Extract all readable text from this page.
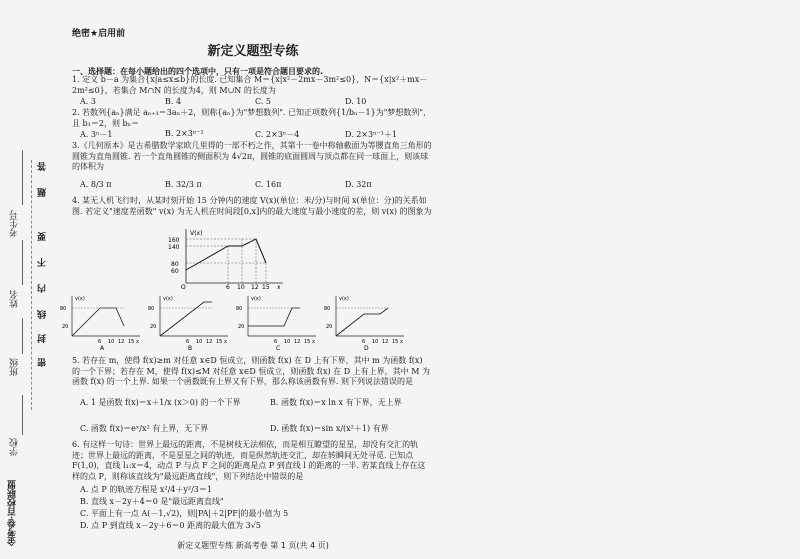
考生号
姓名
班级
学校
金考卷·百校联盟
答
题
要
不
内
线
封
密
绝密★启用前
新定义题型专练
一、选择题：在每小题给出的四个选项中，只有一项是符合题目要求的.
1. 定义 b－a 为集合{x|a≤x≤b}的长度. 已知集合 M＝{x|x²－2mx－3m²≤0}，N＝{x|x²＋mx－2m²≤0}，若集合 M∩N 的长度为4，则 M∪N 的长度为
A. 3	B. 4	C. 5	D. 10
2. 若数列{aₙ}满足 aₙ₊₁＝3aₙ＋2，则称{aₙ}为"梦想数列". 已知正项数列{1/bₙ－1}为"梦想数列"，且 b₁＝2，则 bₙ＝
A. 3ⁿ－1	B. 2×3ⁿ⁻¹	C. 2×3ⁿ－4	D. 2×3ⁿ⁻¹＋1
3.《几何原本》是古希腊数学家欧几里得的一部不朽之作，其第十一卷中称轴截面为等腰直角三角形的圆锥为直角圆锥. 若一个直角圆锥的侧面积为 4√2π，圆锥的底面圆周与顶点都在同一球面上，则该球的体积为
A. 8/3 π	B. 32/3 π	C. 16π	D. 32π
4. 某无人机飞行时，从某时刻开始 15 分钟内的速度 V(x)(单位：米/分)与时间 x(单位：分)的关系如图. 若定义"速度差函数" v(x) 为无人机在时间段[0,x]内的最大速度与最小速度的差，则 v(x) 的图象为
V(x)
160
140
80
60
O	6 10 12 15 x
v(x)
80
20
6 10 12 15 x
A
v(x)
80
20
6 10 12 15 x
B
v(x)
80
20
6 10 12 15 x
C
v(x)
80
20
6 10 12 15 x
D
5. 若存在 m，使得 f(x)≥m 对任意 x∈D 恒成立，则函数 f(x) 在 D 上有下界，其中 m 为函数 f(x) 的一个下界；若存在 M，使得 f(x)≤M 对任意 x∈D 恒成立，则函数 f(x) 在 D 上有上界，其中 M 为函数 f(x) 的一个上界. 如果一个函数既有上界又有下界，那么称该函数有界. 则下列说法错误的是
A. 1 是函数 f(x)＝x＋1/x (x＞0) 的一个下界	B. 函数 f(x)＝x ln x 有下界，无上界
C. 函数 f(x)＝eˣ/x² 有上界，无下界	D. 函数 f(x)＝sin x/(x²＋1) 有界
6. 有这样一句诗：世界上最远的距离，不是树枝无法相依，而是相互瞭望的星星，却没有交汇的轨迹；世界上最远的距离，不是星星之间的轨迹，而是纵然轨迹交汇，却在转瞬间无处寻觅. 已知点 F(1,0)，直线 l₁:x＝4，动点 P 与点 F 之间的距离是点 P 到直线 l 的距离的一半. 若某直线上存在这样的点 P，则称该直线为"最远距离直线"，则下列结论中错误的是
A. 点 P 的轨迹方程是 x²/4＋y²/3＝1
B. 直线 x－2y＋4＝0 是"最远距离直线"
C. 平面上有一点 A(－1,√2)，则|PA|＋2|PF|的最小值为 5
D. 点 P 到直线 x－2y＋6＝0 距离的最大值为 3√5
新定义题型专练 新高考卷 第 1 页(共 4 页)
